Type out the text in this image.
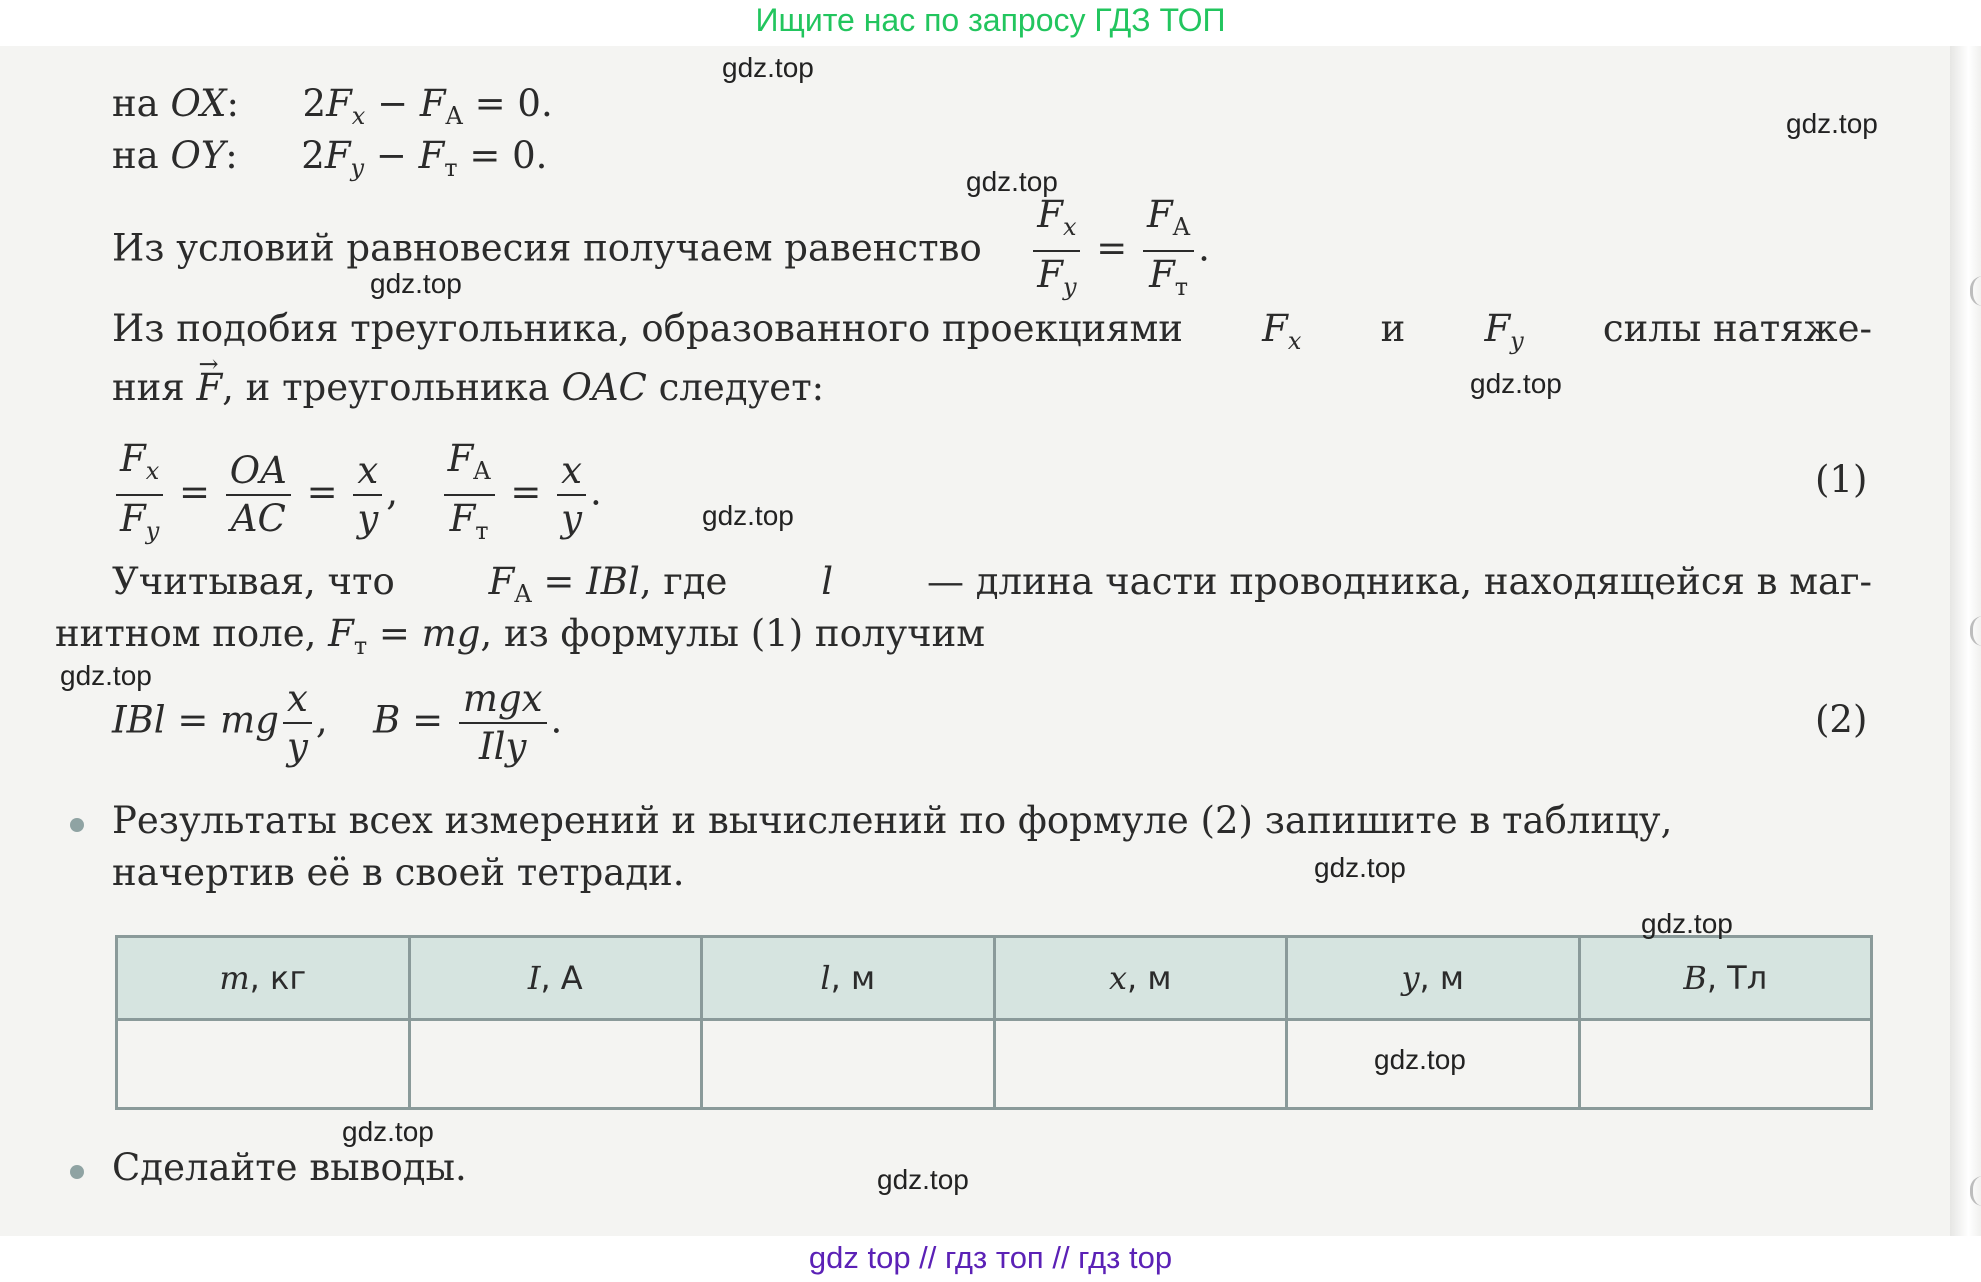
Ищите нас по запросу ГДЗ ТОП
на OX: $2F_x - F_A = 0$.
на OY: $2F_y - F_т = 0$.
Из условий равновесия получаем равенство $\frac{F_x}{F_y} = \frac{F_A}{F_т}$ .
Из подобия треугольника, образованного проекциями $F_x$ и $F_y$ силы натяже-
ния → F, и треугольника OAC следует:
$\frac{F_x}{F_y} = \frac{OA}{AC} = \frac{x}{y}$ , $\frac{F_A}{F_т} = \frac{x}{y}$ .	(1)
Учитывая, что	$F_A$ = IBl, где	l	— длина части проводника, находящейся в маг-
нитном поле, $F_т$ = mg, из формулы (1) получим
IBl = mg $\frac{x}{y}$ , $B = \frac{\text{mgx}}{\text{Ily}}$ .	(2)
Результаты всех измерений и вычислений по формуле (2) запишите в таблицу,
начертив её в своей тетради.
m, кг	I, А	l, м	x, м	y, м	B, Тл

Сделайте выводы.
gdz.top
gdz.top
gdz.top
gdz.top
gdz.top
gdz.top
gdz.top
gdz.top
gdz.top
gdz.top
gdz.top
gdz.top
gdz top // гдз топ // гдз top
